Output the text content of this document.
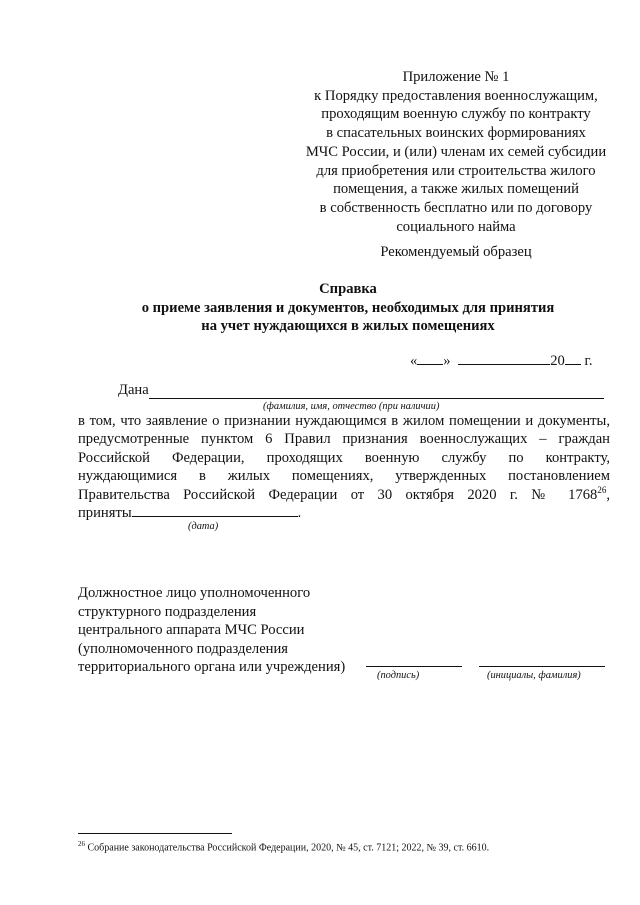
Приложение № 1
к Порядку предоставления военнослужащим,
проходящим военную службу по контракту
в спасательных воинских формированиях
МЧС России, и (или) членам их семей субсидии
для приобретения или строительства жилого
помещения, а также жилых помещений
в собственность бесплатно или по договору
социального найма
Рекомендуемый образец
Справка
о приеме заявления и документов, необходимых для принятия
на учет нуждающихся в жилых помещениях
« »	20 г.
Дана
(фамилия, имя, отчество (при наличии)
в том, что заявление о признании нуждающимся в жилом помещении и документы,
предусмотренные пунктом 6 Правил признания военнослужащих – граждан
Российской Федерации, проходящих военную службу по контракту,
нуждающимися в жилых помещениях, утвержденных постановлением
Правительства Российской Федерации от 30 октября 2020 г. № 1768$^{26}$,
приняты	.
(дата)
Должностное лицо уполномоченного
структурного подразделения
центрального аппарата МЧС России
(уполномоченного подразделения
территориального органа или учреждения)
(подпись)	(инициалы, фамилия)
$^{26}$ Собрание законодательства Российской Федерации, 2020, № 45, ст. 7121; 2022, № 39, ст. 6610.
